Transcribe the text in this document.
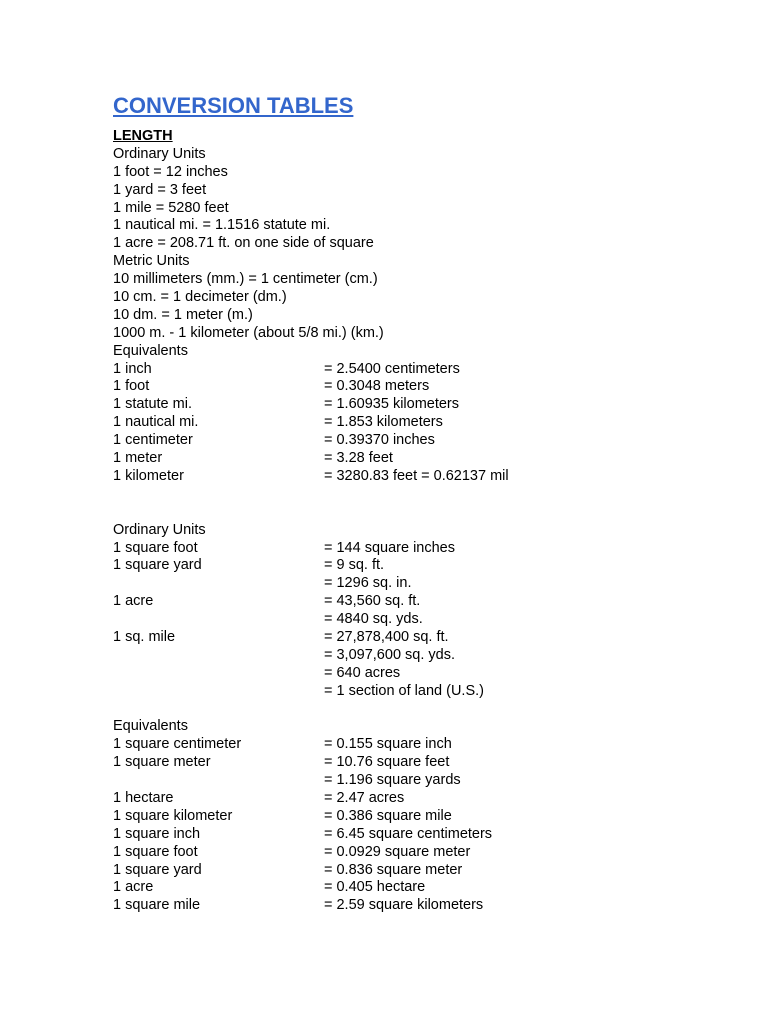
CONVERSION TABLES
LENGTH
Ordinary Units
1 foot = 12 inches
1 yard = 3 feet
1 mile = 5280 feet
1 nautical mi. = 1.1516 statute mi.
1 acre = 208.71 ft. on one side of square
Metric Units
10 millimeters (mm.) = 1 centimeter (cm.)
10 cm. = 1 decimeter (dm.)
10 dm. = 1 meter (m.)
1000 m. - 1 kilometer (about 5/8 mi.) (km.)
Equivalents
1 inch	= 2.5400 centimeters
1 foot	= 0.3048 meters
1 statute mi.	= 1.60935 kilometers
1 nautical mi.	= 1.853 kilometers
1 centimeter	= 0.39370 inches
1 meter	= 3.28 feet
1 kilometer	= 3280.83 feet = 0.62137 mil
Ordinary Units
1 square foot	= 144 square inches
1 square yard	= 9 sq. ft.
= 1296 sq. in.
1 acre	= 43,560 sq. ft.
= 4840 sq. yds.
1 sq. mile	= 27,878,400 sq. ft.
= 3,097,600 sq. yds.
= 640 acres
= 1 section of land (U.S.)
Equivalents
1 square centimeter	= 0.155 square inch
1 square meter	= 10.76 square feet
= 1.196 square yards
1 hectare	= 2.47 acres
1 square kilometer	= 0.386 square mile
1 square inch	= 6.45 square centimeters
1 square foot	= 0.0929 square meter
1 square yard	= 0.836 square meter
1 acre	= 0.405 hectare
1 square mile	= 2.59 square kilometers
